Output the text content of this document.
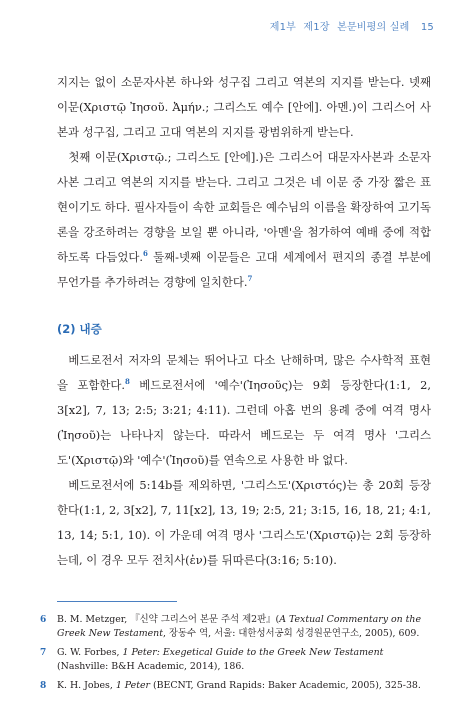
제1부 제1장 본문비평의 실례 15

지지는 없이 소문자사본 하나와 성구집 그리고 역본의 지지를 받는다. 넷째 이문(Χριστῷ Ἰησοῦ. Ἀμήν.; 그리스도 예수 [안에]. 아멘.)이 그리스어 사본과 성구집, 그리고 고대 역본의 지지를 광범위하게 받는다.

첫째 이문(Χριστῷ.; 그리스도 [안에].)은 그리스어 대문자사본과 소문자사본 그리고 역본의 지지를 받는다. 그리고 그것은 네 이문 중 가장 짧은 표현이기도 하다. 필사자들이 속한 교회들은 예수님의 이름을 확장하여 고기독론을 강조하려는 경향을 보일 뿐 아니라, '아멘'을 첨가하여 예배 중에 적합하도록 다듬었다.$^6$ 둘째-넷째 이문들은 고대 세계에서 편지의 종결 부분에 무언가를 추가하려는 경향에 일치한다.$^7$

(2) 내증

베드로전서 저자의 문체는 뛰어나고 다소 난해하며, 많은 수사학적 표현을 포함한다.$^8$ 베드로전서에 '예수'(Ἰησοῦς)는 9회 등장한다(1:1, 2, 3[x2], 7, 13; 2:5; 3:21; 4:11). 그런데 아홉 번의 용례 중에 여격 명사(Ἰησοῦ)는 나타나지 않는다. 따라서 베드로는 두 여격 명사 '그리스도'(Χριστῷ)와 '예수'(Ἰησοῦ)를 연속으로 사용한 바 없다.

베드로전서에 5:14b를 제외하면, '그리스도'(Χριστός)는 총 20회 등장한다(1:1, 2, 3[x2], 7, 11[x2], 13, 19; 2:5, 21; 3:15, 16, 18, 21; 4:1, 13, 14; 5:1, 10). 이 가운데 여격 명사 '그리스도'(Χριστῷ)는 2회 등장하는데, 이 경우 모두 전치사(ἐν)를 뒤따른다(3:16; 5:10).

6 B. M. Metzger, 『신약 그리스어 본문 주석 제2판』(A Textual Commentary on the Greek New Testament, 장동수 역, 서울: 대한성서공회 성경원문연구소, 2005), 609.
7 G. W. Forbes, 1 Peter: Exegetical Guide to the Greek New Testament (Nashville: B&H Academic, 2014), 186.
8 K. H. Jobes, 1 Peter (BECNT, Grand Rapids: Baker Academic, 2005), 325-38.
